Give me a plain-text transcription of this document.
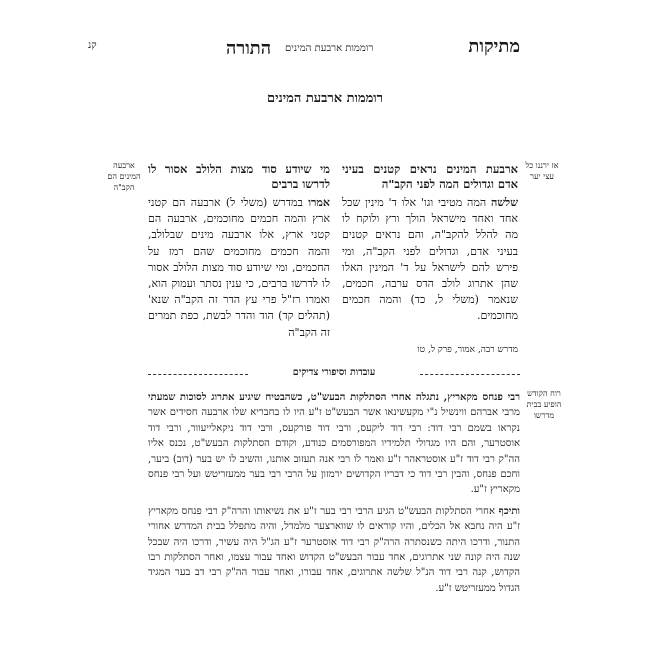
מתיקות
רוממות ארבעת המינים
התורה
קנ
רוממות ארבעת המינים
אז ירננו כל עצי יער
ארבעת המינים נראים קטנים בעיני אדם וגדולים המה לפני הקב"ה

שלשה המה מטיבי וגו' אלו ד' מינין שכל אחד ואחד מישראל הולך ורץ ולוקח לו מה להלל להקב"ה, והם נראים קטנים בעיני אדם, וגדולים לפני הקב"ה, ומי פירש להם לישראל על ד' המינין האלו שהן אתרוג לולב הדס ערבה, חכמים, שנאמר (משלי ל, כד) והמה חכמים מחוכמים.

מדרש רבה, אמור, פרק ל, טו
מי שיודע סוד מצות הלולב אסור לו לדרשו ברבים

אמרו במדרש (משלי ל) ארבעה הם קטני ארץ והמה חכמים מחוכמים, ארבעה הם קטני ארץ, אלו ארבעה מינים שבלולב, והמה חכמים מחוכמים שהם רמז על החכמים, ומי שיודע סוד מצות הלולב אסור לו לדרשו ברבים, כי ענין נסתר ועמוק הוא, ואמרו רז"ל פרי עץ הדר זה הקב"ה שנא' (תהלים קד) הוד והדר לבשת, כפת תמרים זה הקב"ה

ארבעה המינים הם הקב"ה
עובדות וסיפורי צדיקים
רוח הקודש הופיע בבית מדרשו

רבי פנחס מקאריץ, נתגלה אחרי הסתלקות הבעש"ט, כשהבטיח שיגיע אתרוג לסוכות שמעתי מרבי אברהם ווינשיל נ"י מקעשינאו אשר הבעש"ט ז"ע היו לו בחבריא שלו ארבעה חסידים אשר נקראו בשמם רבי דוד: רבי דוד ליקעס, ורבי דוד פורקעס, ורבי דוד ניקאלייעוור, ורבי דוד אוסטרער, והם היו מגדולי תלמידיו המפורסמים כנודע, וקודם הסתלקות הבעש"ט, נכנס אליו הה"ק רבי דוד ז"ע אוסטראהר ז"ע ואמר לו רבי אנה תעזוב אותנו, והשיב לו יש בער (דוב) ביער, וחכם פנחס, והבין רבי דוד כי דבריו הקדושים ירמזון על הרבי רבי בער ממעזריטש ועל רבי פנחס מקאריץ ז"ע.

ותיכף אחרי הסתלקות הבעש"ט הגיע הרבי רבי בער ז"ע את נשיאותו והרה"ק רבי פנחס מקאריץ ז"ע היה נחבא אל הכלים, והיו קוראים לו שווארצער מלמדל, והיה מתפלל בבית המדרש אחורי התנור, ודרכו היתה כשנסתרה הרה"ק רבי דוד אוסטרער ז"ע הג"ל היה עשיר, ודרכו היה שבכל שנה היה קונה שני אתרוגים, אחד עבור הבעש"ט הקדוש ואחד עבור עצמו, ואחר הסתלקות רבו הקדוש, קנה רבי דוד הנ"ל שלשה אתרוגים, אחד עבורו, ואחר עבור הה"ק רבי דב בער המגיד הגדול ממעזריטש ז"ע.
